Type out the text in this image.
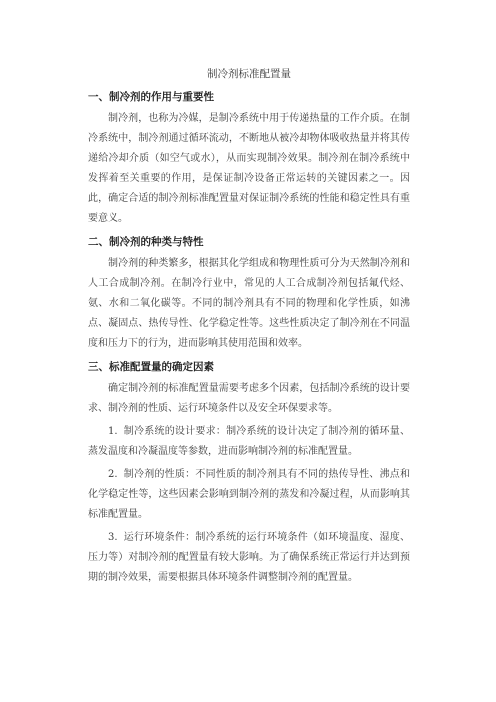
制冷剂标准配置量
一、制冷剂的作用与重要性

制冷剂，也称为冷媒，是制冷系统中用于传递热量的工作介质。在制冷系统中，制冷剂通过循环流动，不断地从被冷却物体吸收热量并将其传递给冷却介质（如空气或水），从而实现制冷效果。制冷剂在制冷系统中发挥着至关重要的作用，是保证制冷设备正常运转的关键因素之一。因此，确定合适的制冷剂标准配置量对保证制冷系统的性能和稳定性具有重要意义。

二、制冷剂的种类与特性

制冷剂的种类繁多，根据其化学组成和物理性质可分为天然制冷剂和人工合成制冷剂。在制冷行业中，常见的人工合成制冷剂包括氟代烃、氨、水和二氧化碳等。不同的制冷剂具有不同的物理和化学性质，如沸点、凝固点、热传导性、化学稳定性等。这些性质决定了制冷剂在不同温度和压力下的行为，进而影响其使用范围和效率。

三、标准配置量的确定因素

确定制冷剂的标准配置量需要考虑多个因素，包括制冷系统的设计要求、制冷剂的性质、运行环境条件以及安全环保要求等。

1. 制冷系统的设计要求：制冷系统的设计决定了制冷剂的循环量、蒸发温度和冷凝温度等参数，进而影响制冷剂的标准配置量。

2. 制冷剂的性质：不同性质的制冷剂具有不同的热传导性、沸点和化学稳定性等，这些因素会影响到制冷剂的蒸发和冷凝过程，从而影响其标准配置量。

3. 运行环境条件：制冷系统的运行环境条件（如环境温度、湿度、压力等）对制冷剂的配置量有较大影响。为了确保系统正常运行并达到预期的制冷效果，需要根据具体环境条件调整制冷剂的配置量。
